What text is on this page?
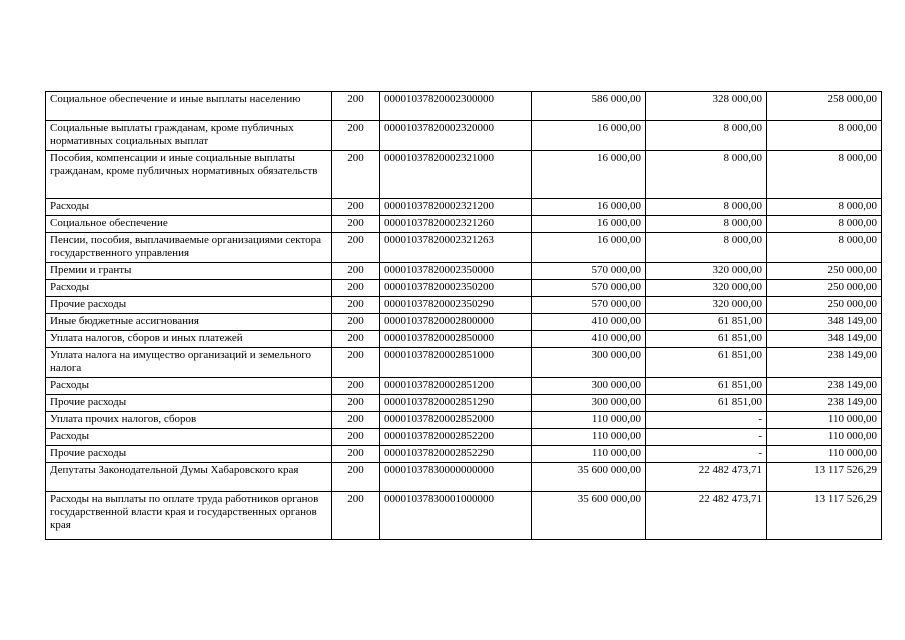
Социальное обеспечение и иные выплаты населению	200	00001037820002300000	586 000,00	328 000,00	258 000,00
Социальные выплаты гражданам, кроме публичных нормативных социальных выплат	200	00001037820002320000	16 000,00	8 000,00	8 000,00
Пособия, компенсации и иные социальные выплаты гражданам, кроме публичных нормативных обязательств	200	00001037820002321000	16 000,00	8 000,00	8 000,00
Расходы	200	00001037820002321200	16 000,00	8 000,00	8 000,00
Социальное обеспечение	200	00001037820002321260	16 000,00	8 000,00	8 000,00
Пенсии, пособия, выплачиваемые организациями сектора государственного управления	200	00001037820002321263	16 000,00	8 000,00	8 000,00
Премии и гранты	200	00001037820002350000	570 000,00	320 000,00	250 000,00
Расходы	200	00001037820002350200	570 000,00	320 000,00	250 000,00
Прочие расходы	200	00001037820002350290	570 000,00	320 000,00	250 000,00
Иные бюджетные ассигнования	200	00001037820002800000	410 000,00	61 851,00	348 149,00
Уплата налогов, сборов и иных платежей	200	00001037820002850000	410 000,00	61 851,00	348 149,00
Уплата налога на имущество организаций и земельного налога	200	00001037820002851000	300 000,00	61 851,00	238 149,00
Расходы	200	00001037820002851200	300 000,00	61 851,00	238 149,00
Прочие расходы	200	00001037820002851290	300 000,00	61 851,00	238 149,00
Уплата прочих налогов, сборов	200	00001037820002852000	110 000,00	-	110 000,00
Расходы	200	00001037820002852200	110 000,00	-	110 000,00
Прочие расходы	200	00001037820002852290	110 000,00	-	110 000,00
Депутаты Законодательной Думы Хабаровского края	200	00001037830000000000	35 600 000,00	22 482 473,71	13 117 526,29
Расходы на выплаты по оплате труда работников органов государственной власти края и государственных органов края	200	00001037830001000000	35 600 000,00	22 482 473,71	13 117 526,29
